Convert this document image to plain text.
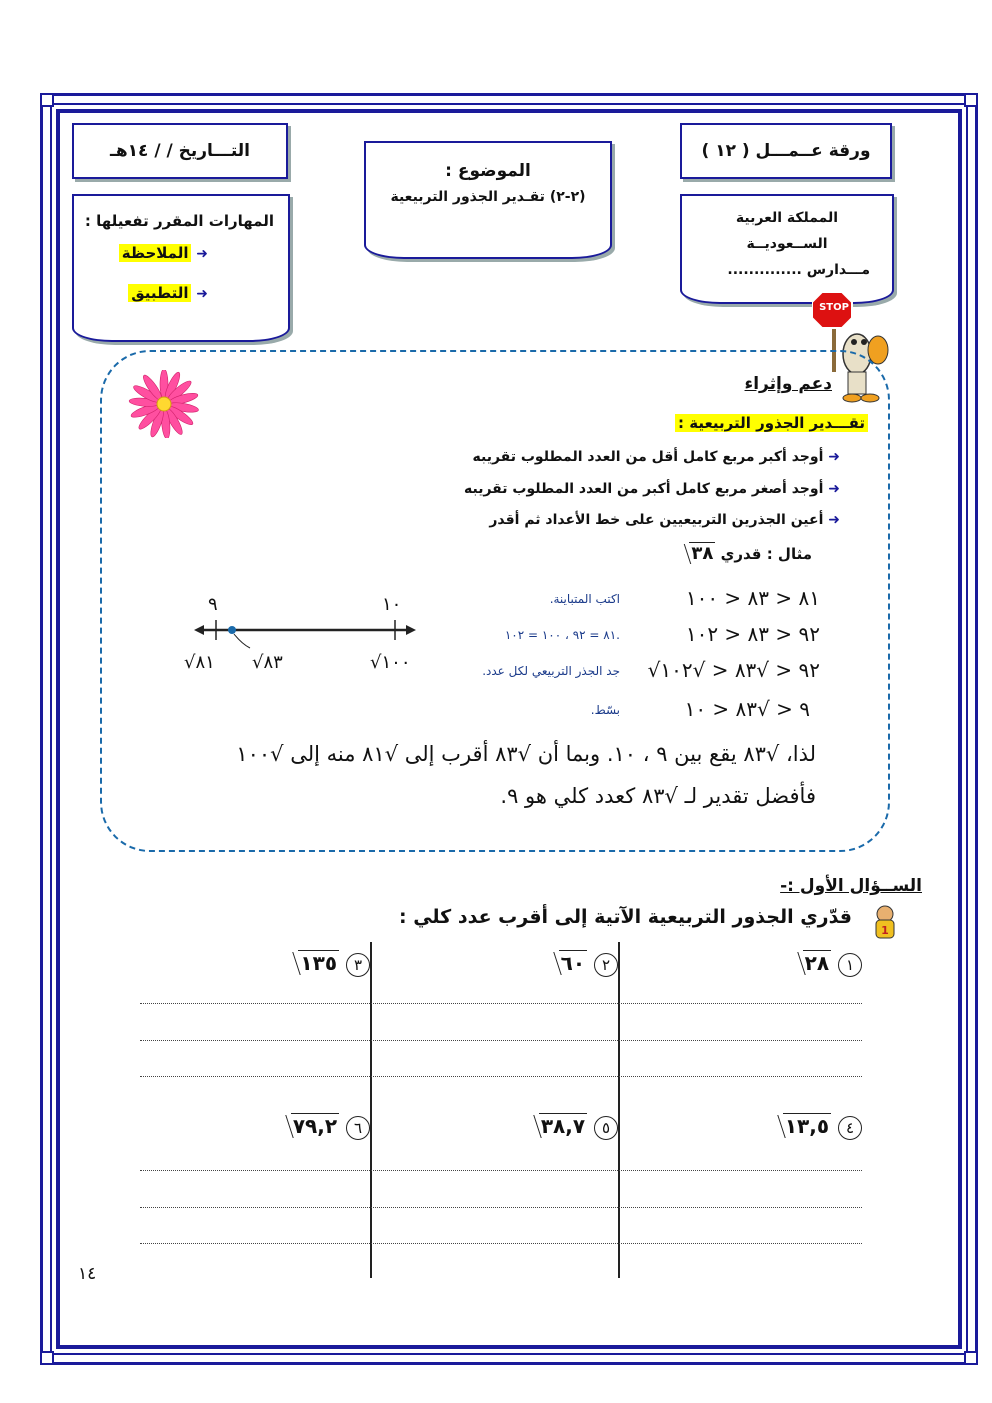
ورقة عــمـــل ( ١٢ )
التـــاريخ / / ١٤هـ
الموضوع :
(٢-٢) تقـدير الجذور التربيعية
المملكة العربية
الســعوديــة
مـــدارس ..............
المهارات المقرر تفعيلها :
➜ الملاحظة
➜ التطبيق
STOP
دعم وإثراء
تقـــدير الجذور التربيعية :
➜ أوجد أكبر مربع كامل أقل من العدد المطلوب تقريبه
➜ أوجد أصغر مربع كامل أكبر من العدد المطلوب تقريبه
➜ أعين الجذرين التربيعيين على خط الأعداد ثم أقدر
مثال : قدري ٣٨
٨١ < ٨٣ < ١٠٠
اكتب المتباينة.
٩٢ < ٨٣ < ١٠٢
٨١ = ٩٢ ، ١٠٠ = ١٠٢.
√٩٢ < √٨٣ < √١٠٢
جد الجذر التربيعي لكل عدد.
٩ < √٨٣ < ١٠
بسّط.
٩	١٠
√٨١ √٨٣	√١٠٠
لذا، √٨٣ يقع بين ٩ ، ١٠. وبما أن √٨٣ أقرب إلى √٨١ منه إلى √١٠٠
فأفضل تقدير لـ √٨٣ كعدد كلي هو ٩.
الســؤال الأول :-
1
قدّري الجذور التربيعية الآتية إلى أقرب عدد كلي :
١ ٢٨
٢ ٦٠
٣ ١٣٥
٤ ١٣,٥
٥ ٣٨,٧
٦ ٧٩,٢
١٤
